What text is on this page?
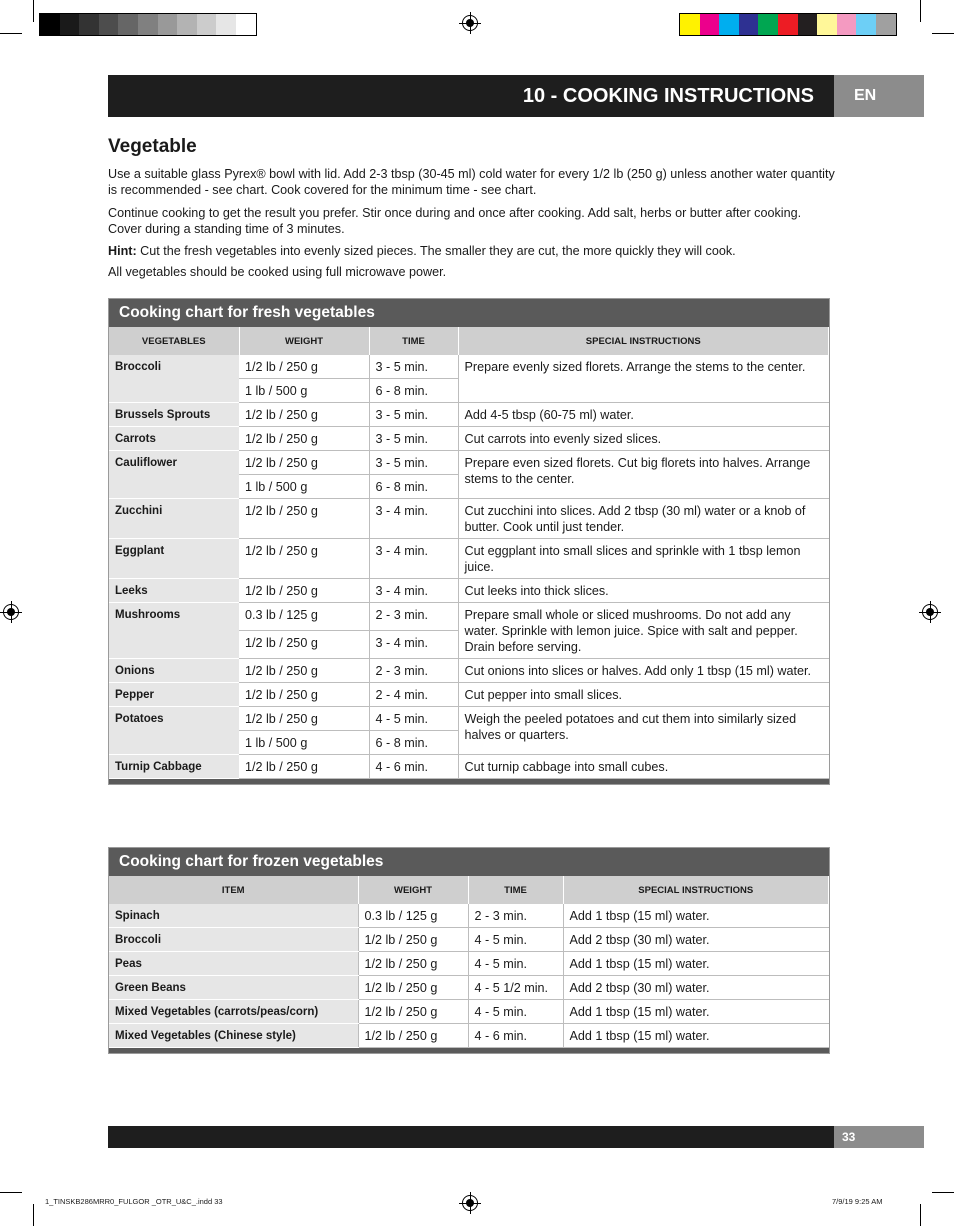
10 - COOKING INSTRUCTIONS	EN
Vegetable

Use a suitable glass Pyrex® bowl with lid. Add 2-3 tbsp (30-45 ml) cold water for every 1/2 lb (250 g) unless another water quantity is recommended - see chart. Cook covered for the minimum time - see chart.

Continue cooking to get the result you prefer. Stir once during and once after cooking. Add salt, herbs or butter after cooking. Cover during a standing time of 3 minutes.

Hint: Cut the fresh vegetables into evenly sized pieces. The smaller they are cut, the more quickly they will cook.

All vegetables should be cooked using full microwave power.

Cooking chart for fresh vegetables
VEGETABLES	WEIGHT	TIME	SPECIAL INSTRUCTIONS
Broccoli	1/2 lb / 250 g	3 - 5 min.	Prepare evenly sized florets. Arrange the stems to the center.
	1 lb / 500 g	6 - 8 min.	
Brussels Sprouts	1/2 lb / 250 g	3 - 5 min.	Add 4-5 tbsp (60-75 ml) water.
Carrots	1/2 lb / 250 g	3 - 5 min.	Cut carrots into evenly sized slices.
Cauliflower	1/2 lb / 250 g	3 - 5 min.	Prepare even sized florets. Cut big florets into halves. Arrange stems to the center.
	1 lb / 500 g	6 - 8 min.	
Zucchini	1/2 lb / 250 g	3 - 4 min.	Cut zucchini into slices. Add 2 tbsp (30 ml) water or a knob of butter. Cook until just tender.
Eggplant	1/2 lb / 250 g	3 - 4 min.	Cut eggplant into small slices and sprinkle with 1 tbsp lemon juice.
Leeks	1/2 lb / 250 g	3 - 4 min.	Cut leeks into thick slices.
Mushrooms	0.3 lb / 125 g	2 - 3 min.	Prepare small whole or sliced mushrooms. Do not add any water. Sprinkle with lemon juice. Spice with salt and pepper. Drain before serving.
	1/2 lb / 250 g	3 - 4 min.	
Onions	1/2 lb / 250 g	2 - 3 min.	Cut onions into slices or halves. Add only 1 tbsp (15 ml) water.
Pepper	1/2 lb / 250 g	2 - 4 min.	Cut pepper into small slices.
Potatoes	1/2 lb / 250 g	4 - 5 min.	Weigh the peeled potatoes and cut them into similarly sized halves or quarters.
	1 lb / 500 g	6 - 8 min.	
Turnip Cabbage	1/2 lb / 250 g	4 - 6 min.	Cut turnip cabbage into small cubes.
Cooking chart for frozen vegetables
ITEM	WEIGHT	TIME	SPECIAL INSTRUCTIONS
Spinach	0.3 lb / 125 g	2 - 3 min.	Add 1 tbsp (15 ml) water.
Broccoli	1/2 lb / 250 g	4 - 5 min.	Add 2 tbsp (30 ml) water.
Peas	1/2 lb / 250 g	4 - 5 min.	Add 1 tbsp (15 ml) water.
Green Beans	1/2 lb / 250 g	4 - 5 1/2 min.	Add 2 tbsp (30 ml) water.
Mixed Vegetables (carrots/peas/corn)	1/2 lb / 250 g	4 - 5 min.	Add 1 tbsp (15 ml) water.
Mixed Vegetables (Chinese style)	1/2 lb / 250 g	4 - 6 min.	Add 1 tbsp (15 ml) water.
33
1_TINSKB286MRR0_FULGOR _OTR_U&C_.indd 33	7/9/19 9:25 AM
